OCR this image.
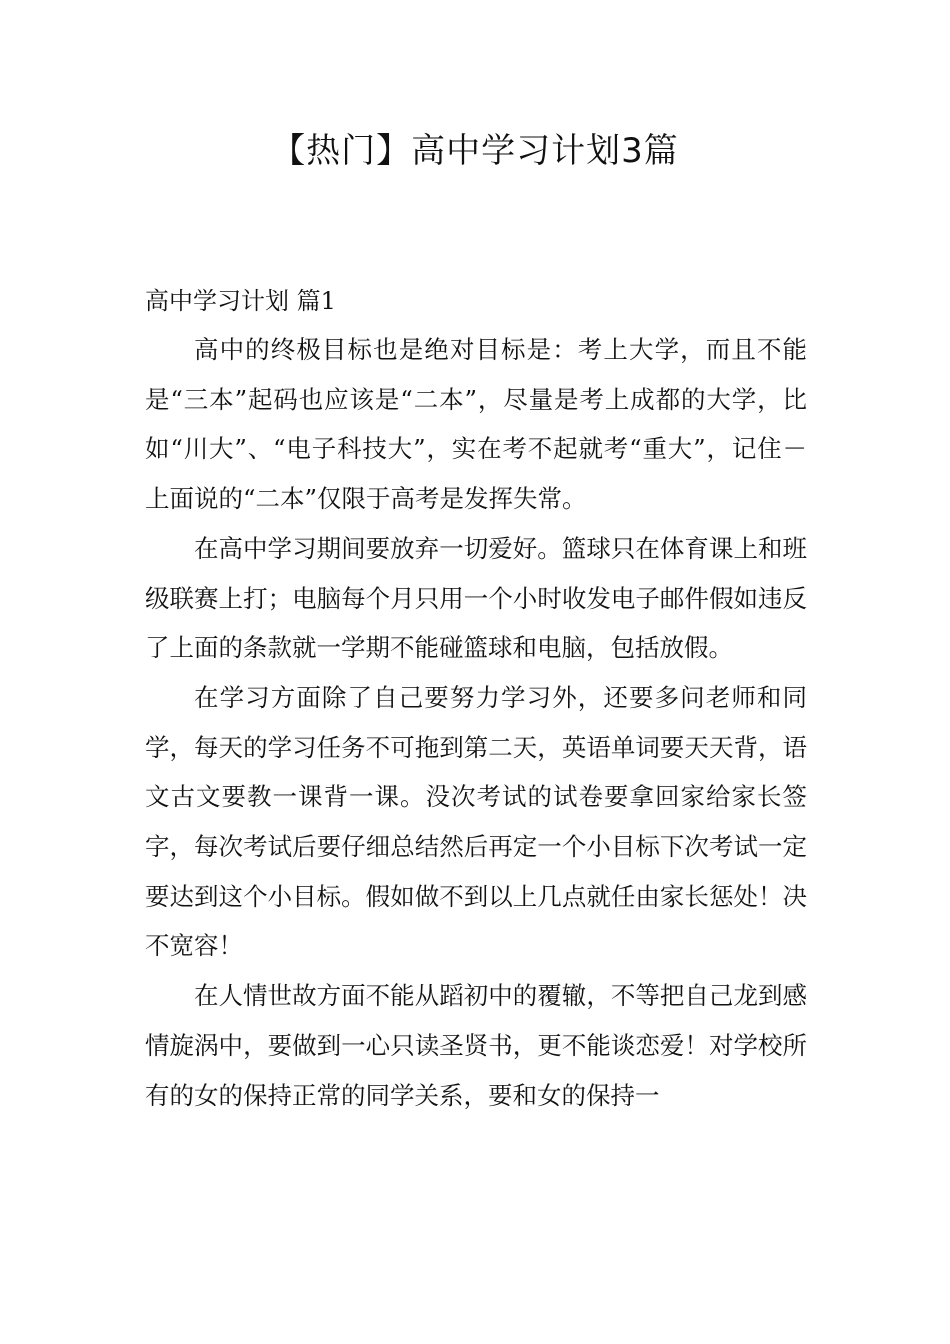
【热门】高中学习计划3篇
高中学习计划 篇1

高中的终极目标也是绝对目标是：考上大学，而且不能是“三本”起码也应该是“二本”，尽量是考上成都的大学，比如“川大”、“电子科技大”，实在考不起就考“重大”，记住－上面说的“二本”仅限于高考是发挥失常。

在高中学习期间要放弃一切爱好。篮球只在体育课上和班级联赛上打；电脑每个月只用一个小时收发电子邮件假如违反了上面的条款就一学期不能碰篮球和电脑，包括放假。

在学习方面除了自己要努力学习外，还要多问老师和同学，每天的学习任务不可拖到第二天，英语单词要天天背，语文古文要教一课背一课。没次考试的试卷要拿回家给家长签字，每次考试后要仔细总结然后再定一个小目标下次考试一定要达到这个小目标。假如做不到以上几点就任由家长惩处！决不宽容！

在人情世故方面不能从蹈初中的覆辙，不等把自己龙到感情旋涡中，要做到一心只读圣贤书，更不能谈恋爱！对学校所有的女的保持正常的同学关系，要和女的保持一
